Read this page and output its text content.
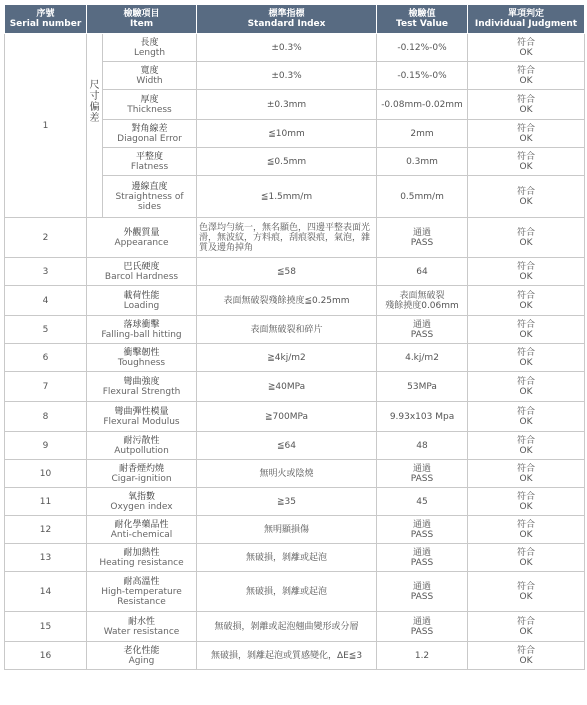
序號
Serial number	檢驗項目
Item		標準指標
Standard Index	檢驗值
Test Value	單項判定
Individual Judgment

1	尺寸偏差	長度
Length	±0.3%	-0.12%-0%	符合
OK

		寬度
Width	±0.3%	-0.15%-0%	符合
OK

		厚度
Thickness	±0.3mm	-0.08mm-0.02mm	符合
OK

		對角線差
Diagonal Error	≦10mm	2mm	符合
OK

		平整度
Flatness	≦0.5mm	0.3mm	符合
OK

		邊線直度
Straightness of sides	≦1.5mm/m	0.5mm/m	符合
OK

2	外觀質量
Appearance		色澤均勻統一，無名顯色，四邊平整表面光滑，無波紋，方料痕，刮痕裂痕，氣泡，雜質及邊角掉角	通過
PASS	符合
OK

3	巴氏硬度
Barcol Hardness		≦58	64	符合
OK

4	載荷性能
Loading		表面無破裂殘餘撓度≦0.25mm	表面無破裂
殘餘撓度0.06mm	符合
OK

5	落球衝擊
Falling-ball hitting		表面無破裂和碎片	通過
PASS	符合
OK

6	衝擊韌性
Toughness		≧4kj/m2	4.kj/m2	符合
OK

7	彎曲強度
Flexural Strength		≧40MPa	53MPa	符合
OK

8	彎曲彈性模量
Flexural Modulus		≧700MPa	9.93x103 Mpa	符合
OK

9	耐污散性
Autpollution		≦64	48	符合
OK

10	耐香煙灼燒
Cigar-ignition		無明火或陰燒	通過
PASS	符合
OK

11	氧指數
Oxygen index		≧35	45	符合
OK

12	耐化學藥品性
Anti-chemical		無明顯損傷	通過
PASS	符合
OK

13	耐加熱性
Heating resistance		無破損，剝離或起泡	通過
PASS	符合
OK

14	耐高溫性
High-temperature Resistance		無破損，剝離或起泡	通過
PASS	符合
OK

15	耐水性
Water resistance		無破損，剝離或起泡翹曲變形或分層	通過
PASS	符合
OK

16	老化性能
Aging		無破損，剝離起泡或質感變化，ΔE≦3	1.2	符合
OK
